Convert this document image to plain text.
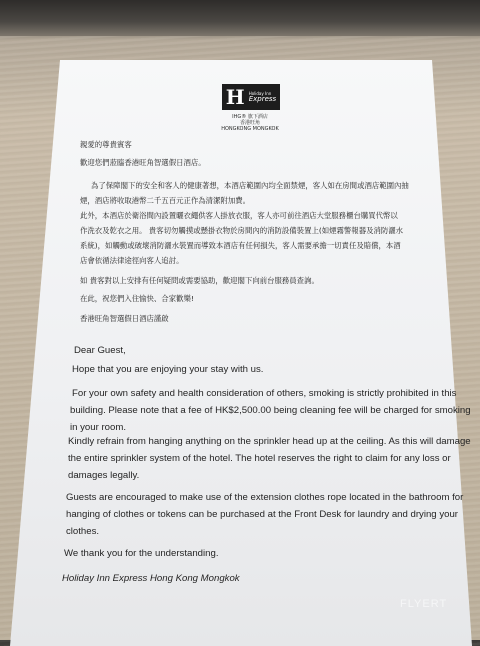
H Holiday Inn
Express
IHG® 旗下酒店
香港旺角
HONGKONG MONGKOK

親愛的尊貴賓客

歡迎您們蒞臨香港旺角智選假日酒店。

為了保障閣下的安全和客人的健康著想，本酒店範圍內均全面禁煙，客人如在房間或酒店範圍內抽

煙，酒店將收取港幣二千五百元正作為清潔附加費。

此外，本酒店於衛浴間內設置曬衣繩供客人掛放衣服，客人亦可前往酒店大堂服務櫃台購買代幣以

作洗衣及乾衣之用。 貴客切勿觸摸或懸掛衣物於房間內的消防設備裝置上(如煙霧警報器及消防灑水

系統)，如觸動或破壞消防灑水裝置而導致本酒店有任何損失，客人需要承擔一切責任及賠償，本酒

店會依循法律途徑向客人追討。

如 貴客對以上安排有任何疑問或需要協助，歡迎閣下向前台服務員查詢。

在此，祝您們入住愉快、合家歡樂!

香港旺角智選假日酒店謹啟

Dear Guest,

Hope that you are enjoying your stay with us.

For your own safety and health consideration of others, smoking is strictly prohibited in this

building. Please note that a fee of HK$2,500.00 being cleaning fee will be charged for smoking

in your room.

Kindly refrain from hanging anything on the sprinkler head up at the ceiling. As this will damage

the entire sprinkler system of the hotel. The hotel reserves the right to claim for any loss or

damages legally.

Guests are encouraged to make use of the extension clothes rope located in the bathroom for

hanging of clothes or tokens can be purchased at the Front Desk for laundry and drying your

clothes.

We thank you for the understanding.

Holiday Inn Express Hong Kong Mongkok

FLYERT
